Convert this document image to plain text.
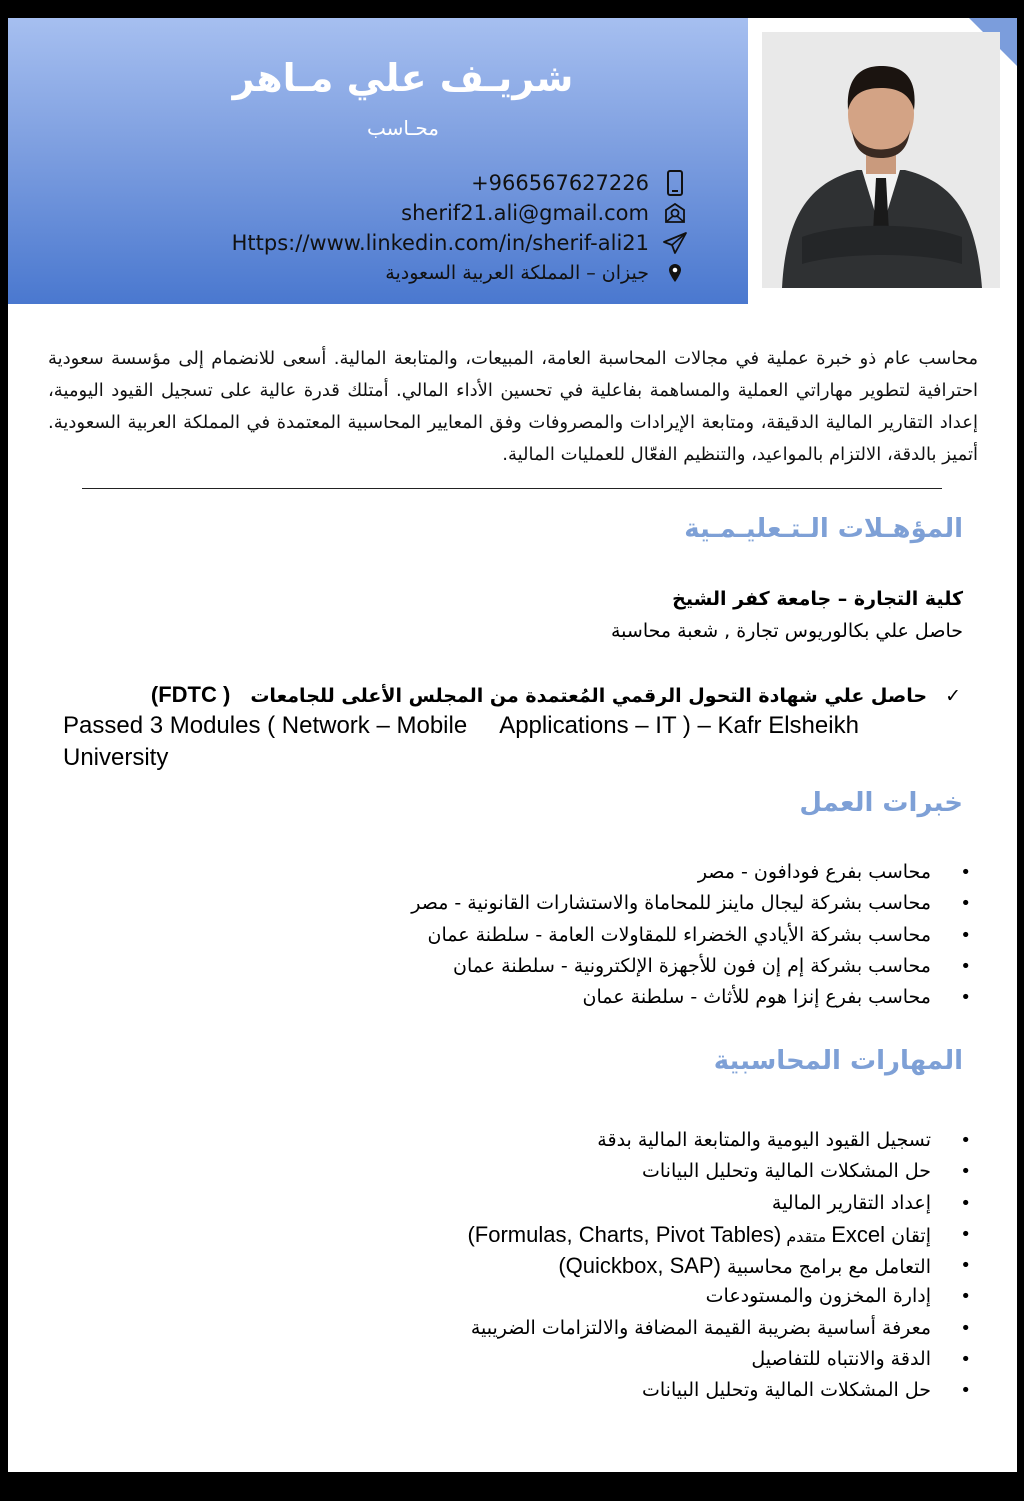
شريـف علي مـاهر
محـاسب
+966567627226
sherif21.ali@gmail.com
Https://www.linkedin.com/in/sherif-ali21
جيزان – المملكة العربية السعودية
محاسب عام ذو خبرة عملية في مجالات المحاسبة العامة، المبيعات، والمتابعة المالية. أسعى للانضمام إلى مؤسسة سعودية احترافية لتطوير مهاراتي العملية والمساهمة بفاعلية في تحسين الأداء المالي. أمتلك قدرة عالية على تسجيل القيود اليومية، إعداد التقارير المالية الدقيقة، ومتابعة الإيرادات والمصروفات وفق المعايير المحاسبية المعتمدة في المملكة العربية السعودية. أتميز بالدقة، الالتزام بالمواعيد، والتنظيم الفعّال للعمليات المالية.
المؤهـلات الـتـعليـمـية
كلية التجارة – جامعة كفر الشيخ
حاصل علي بكالوريوس تجارة , شعبة محاسبة
✓حاصل علي شهادة التحول الرقمي المُعتمدة من المجلس الأعلى للجامعات( FDTC)
Passed 3 Modules ( Network – Mobile     Applications – IT ) – Kafr Elsheikh University
خبرات العمل
• محاسب بفرع فودافون - مصر
• محاسب بشركة ليجال ماينز للمحاماة والاستشارات القانونية - مصر
• محاسب بشركة الأيادي الخضراء للمقاولات العامة - سلطنة عمان
• محاسب بشركة إم إن فون للأجهزة الإلكترونية - سلطنة عمان
• محاسب بفرع إنزا هوم للأثاث - سلطنة عمان
المهارات المحاسبية
• تسجيل القيود اليومية والمتابعة المالية بدقة
• حل المشكلات المالية وتحليل البيانات
• إعداد التقارير المالية
• إتقان Excel متقدم (Formulas, Charts, Pivot Tables)
• التعامل مع برامج محاسبية (Quickbox, SAP)
• إدارة المخزون والمستودعات
• معرفة أساسية بضريبة القيمة المضافة والالتزامات الضريبية
• الدقة والانتباه للتفاصيل
• حل المشكلات المالية وتحليل البيانات
